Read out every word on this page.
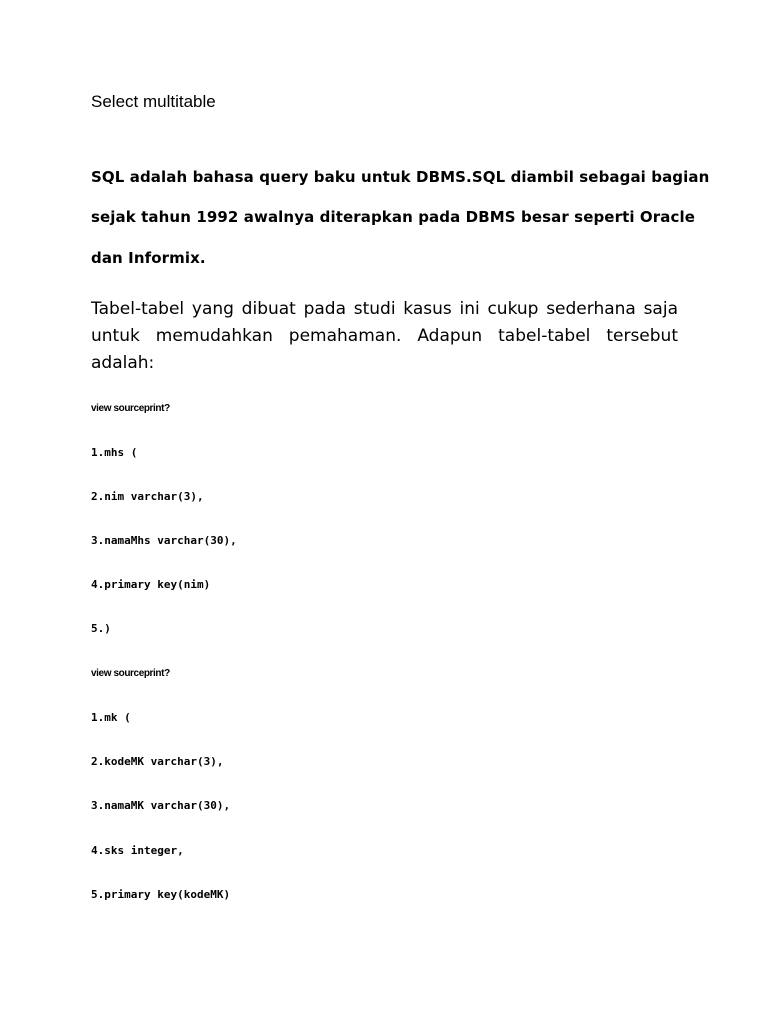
Select multitable

SQL adalah bahasa query baku untuk DBMS.SQL diambil sebagai bagian

sejak tahun 1992 awalnya diterapkan pada DBMS besar seperti Oracle

dan Informix.

Tabel-tabel yang dibuat pada studi kasus ini cukup sederhana saja
untuk memudahkan pemahaman. Adapun tabel-tabel tersebut
adalah:

view sourceprint?

1.mhs (

2.nim varchar(3),

3.namaMhs varchar(30),

4.primary key(nim)

5.)

view sourceprint?

1.mk (

2.kodeMK varchar(3),

3.namaMK varchar(30),

4.sks integer,

5.primary key(kodeMK)
